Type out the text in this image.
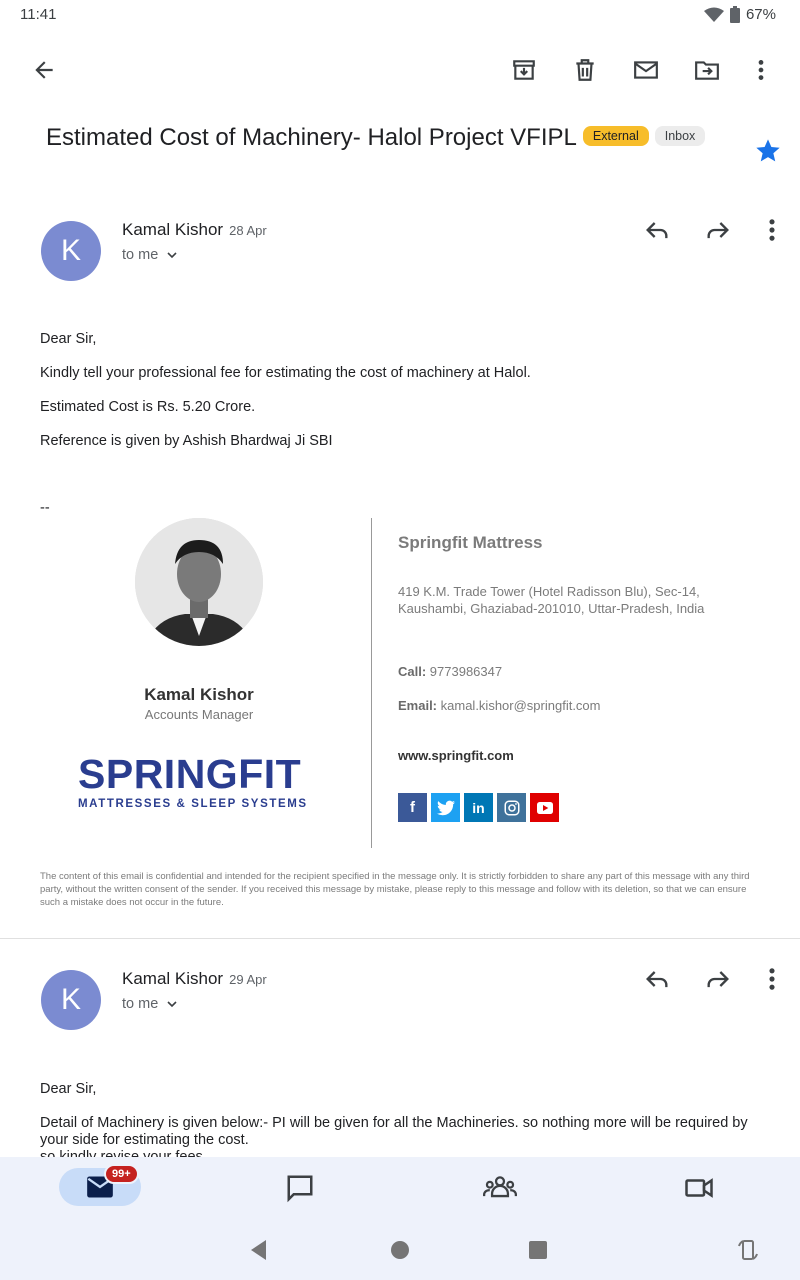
11:41	67%
Estimated Cost of Machinery- Halol Project VFIPL External Inbox
K
Kamal Kishor 28 Apr
to me
Dear Sir,
Kindly tell your professional fee for estimating the cost of machinery at Halol.
Estimated Cost is Rs. 5.20 Crore.
Reference is given by Ashish Bhardwaj Ji SBI
--
Kamal Kishor
Accounts Manager
SPRINGFIT
MATTRESSES & SLEEP SYSTEMS
Springfit Mattress
419 K.M. Trade Tower (Hotel Radisson Blu), Sec-14, Kaushambi, Ghaziabad-201010, Uttar-Pradesh, India
Call: 9773986347
Email: kamal.kishor@springfit.com
www.springfit.com
f	in
The content of this email is confidential and intended for the recipient specified in the message only. It is strictly forbidden to share any part of this message with any third party, without the written consent of the sender. If you received this message by mistake, please reply to this message and follow with its deletion, so that we can ensure such a mistake does not occur in the future.
K
Kamal Kishor 29 Apr
to me
Dear Sir,
Detail of Machinery is given below:- PI will be given for all the Machineries. so nothing more will be required by your side for estimating the cost.
99+
